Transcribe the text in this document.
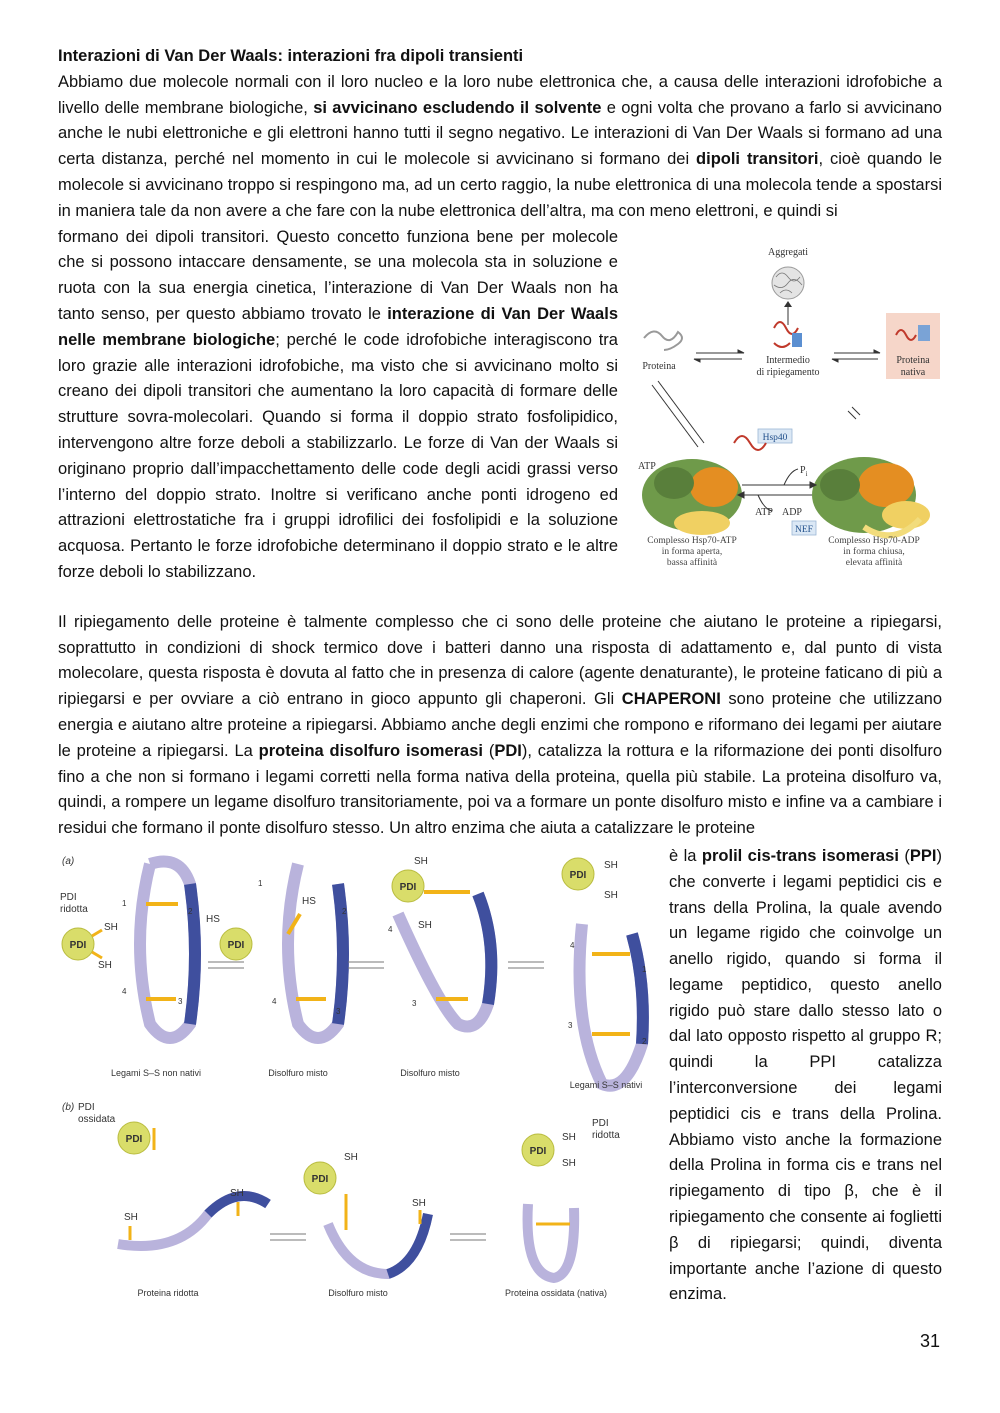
Interazioni di Van Der Waals: interazioni fra dipoli transienti

Abbiamo due molecole normali con il loro nucleo e la loro nube elettronica che, a causa delle interazioni idrofobiche a livello delle membrane biologiche, si avvicinano escludendo il solvente e ogni volta che provano a farlo si avvicinano anche le nubi elettroniche e gli elettroni hanno tutti il segno negativo. Le interazioni di Van Der Waals si formano ad una certa distanza, perché nel momento in cui le molecole si avvicinano si formano dei dipoli transitori, cioè quando le molecole si avvicinano troppo si respingono ma, ad un certo raggio, la nube elettronica di una molecola tende a spostarsi in maniera tale da non avere a che fare con la nube elettronica dell’altra, ma con meno elettroni, e quindi si

formano dei dipoli transitori. Questo concetto funziona bene per molecole che si possono intaccare densamente, se una molecola sta in soluzione e ruota con la sua energia cinetica, l’interazione di Van Der Waals non ha tanto senso, per questo abbiamo trovato le interazione di Van Der Waals nelle membrane biologiche; perché le code idrofobiche interagiscono tra loro grazie alle interazioni idrofobiche, ma visto che si avvicinano molto si creano dei dipoli transitori che aumentano la loro capacità di formare delle strutture sovra-molecolari. Quando si forma il doppio strato fosfolipidico, intervengono altre forze deboli a stabilizzarlo. Le forze di Van der Waals si originano proprio dall’impacchettamento delle code degli acidi grassi verso l’interno del doppio strato. Inoltre si verificano anche ponti idrogeno ed attrazioni elettrostatiche fra i gruppi idrofilici dei fosfolipidi e la soluzione acquosa. Pertanto le forze idrofobiche determinano il doppio strato e le altre forze deboli lo stabilizzano.

Aggregati
Proteina
Intermedio
di ripiegamento
Proteina
nativa
Hsp40
ATP	$P_i$
ATP ADP
NEF
Complesso Hsp70-ATP
in forma aperta,
bassa affinità
Complesso Hsp70-ADP
in forma chiusa,
elevata affinità

Il ripiegamento delle proteine è talmente complesso che ci sono delle proteine che aiutano le proteine a ripiegarsi, soprattutto in condizioni di shock termico dove i batteri danno una risposta di adattamento e, dal punto di vista molecolare, questa risposta è dovuta al fatto che in presenza di calore (agente denaturante), le proteine faticano di più a ripiegarsi e per ovviare a ciò entrano in gioco appunto gli chaperoni. Gli CHAPERONI sono proteine che utilizzano energia e aiutano altre proteine a ripiegarsi. Abbiamo anche degli enzimi che rompono e riformano dei legami per aiutare le proteine a ripiegarsi. La proteina disolfuro isomerasi (PDI), catalizza la rottura e la riformazione dei ponti disolfuro fino a che non si formano i legami corretti nella forma nativa della proteina, quella più stabile. La proteina disolfuro va, quindi, a rompere un legame disolfuro transitoriamente, poi va a formare un ponte disolfuro misto e infine va a cambiare i residui che formano il ponte disolfuro stesso. Un altro enzima che aiuta a catalizzare le proteine

(a)
PDI
ridotta
PDI
SH
SH
1
2
3
4
Legami S–S non nativi
PDI
HS
HS
1
2
3
4
Disolfuro misto
PDI
SH
SH
4
3
Disolfuro misto
PDI
SH
SH
4
1
3
2
Legami S–S nativi
(b) PDI
ossidata
PDI
SH
SH
Proteina ridotta
PDI
SH
SH
Disolfuro misto
PDI
SH
SH
PDI
ridotta
Proteina ossidata (nativa)

è la prolil cis-trans isomerasi (PPI) che converte i legami peptidici cis e trans della Prolina, la quale avendo un legame rigido che coinvolge un anello rigido, quando si forma il legame peptidico, questo anello rigido può stare dallo stesso lato o dal lato opposto rispetto al gruppo R; quindi la PPI catalizza l’interconversione dei legami peptidici cis e trans della Prolina. Abbiamo visto anche la formazione della Prolina in forma cis e trans nel ripiegamento di tipo β, che è il ripiegamento che consente ai foglietti β di ripiegarsi; quindi, diventa importante anche l’azione di questo enzima.

31
